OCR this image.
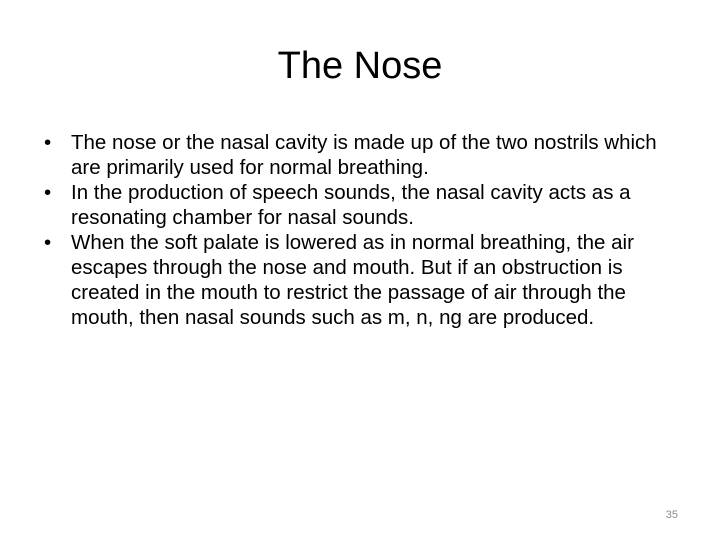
The Nose
• The nose or the nasal cavity is made up of the two nostrils which are primarily used for normal breathing.
• In the production of speech sounds, the nasal cavity acts as a resonating chamber for nasal sounds.
• When the soft palate is lowered as in normal breathing, the air escapes through the nose and mouth. But if an obstruction is created in the mouth to restrict the passage of air through the mouth, then nasal sounds such as m, n, ng are produced.
35
